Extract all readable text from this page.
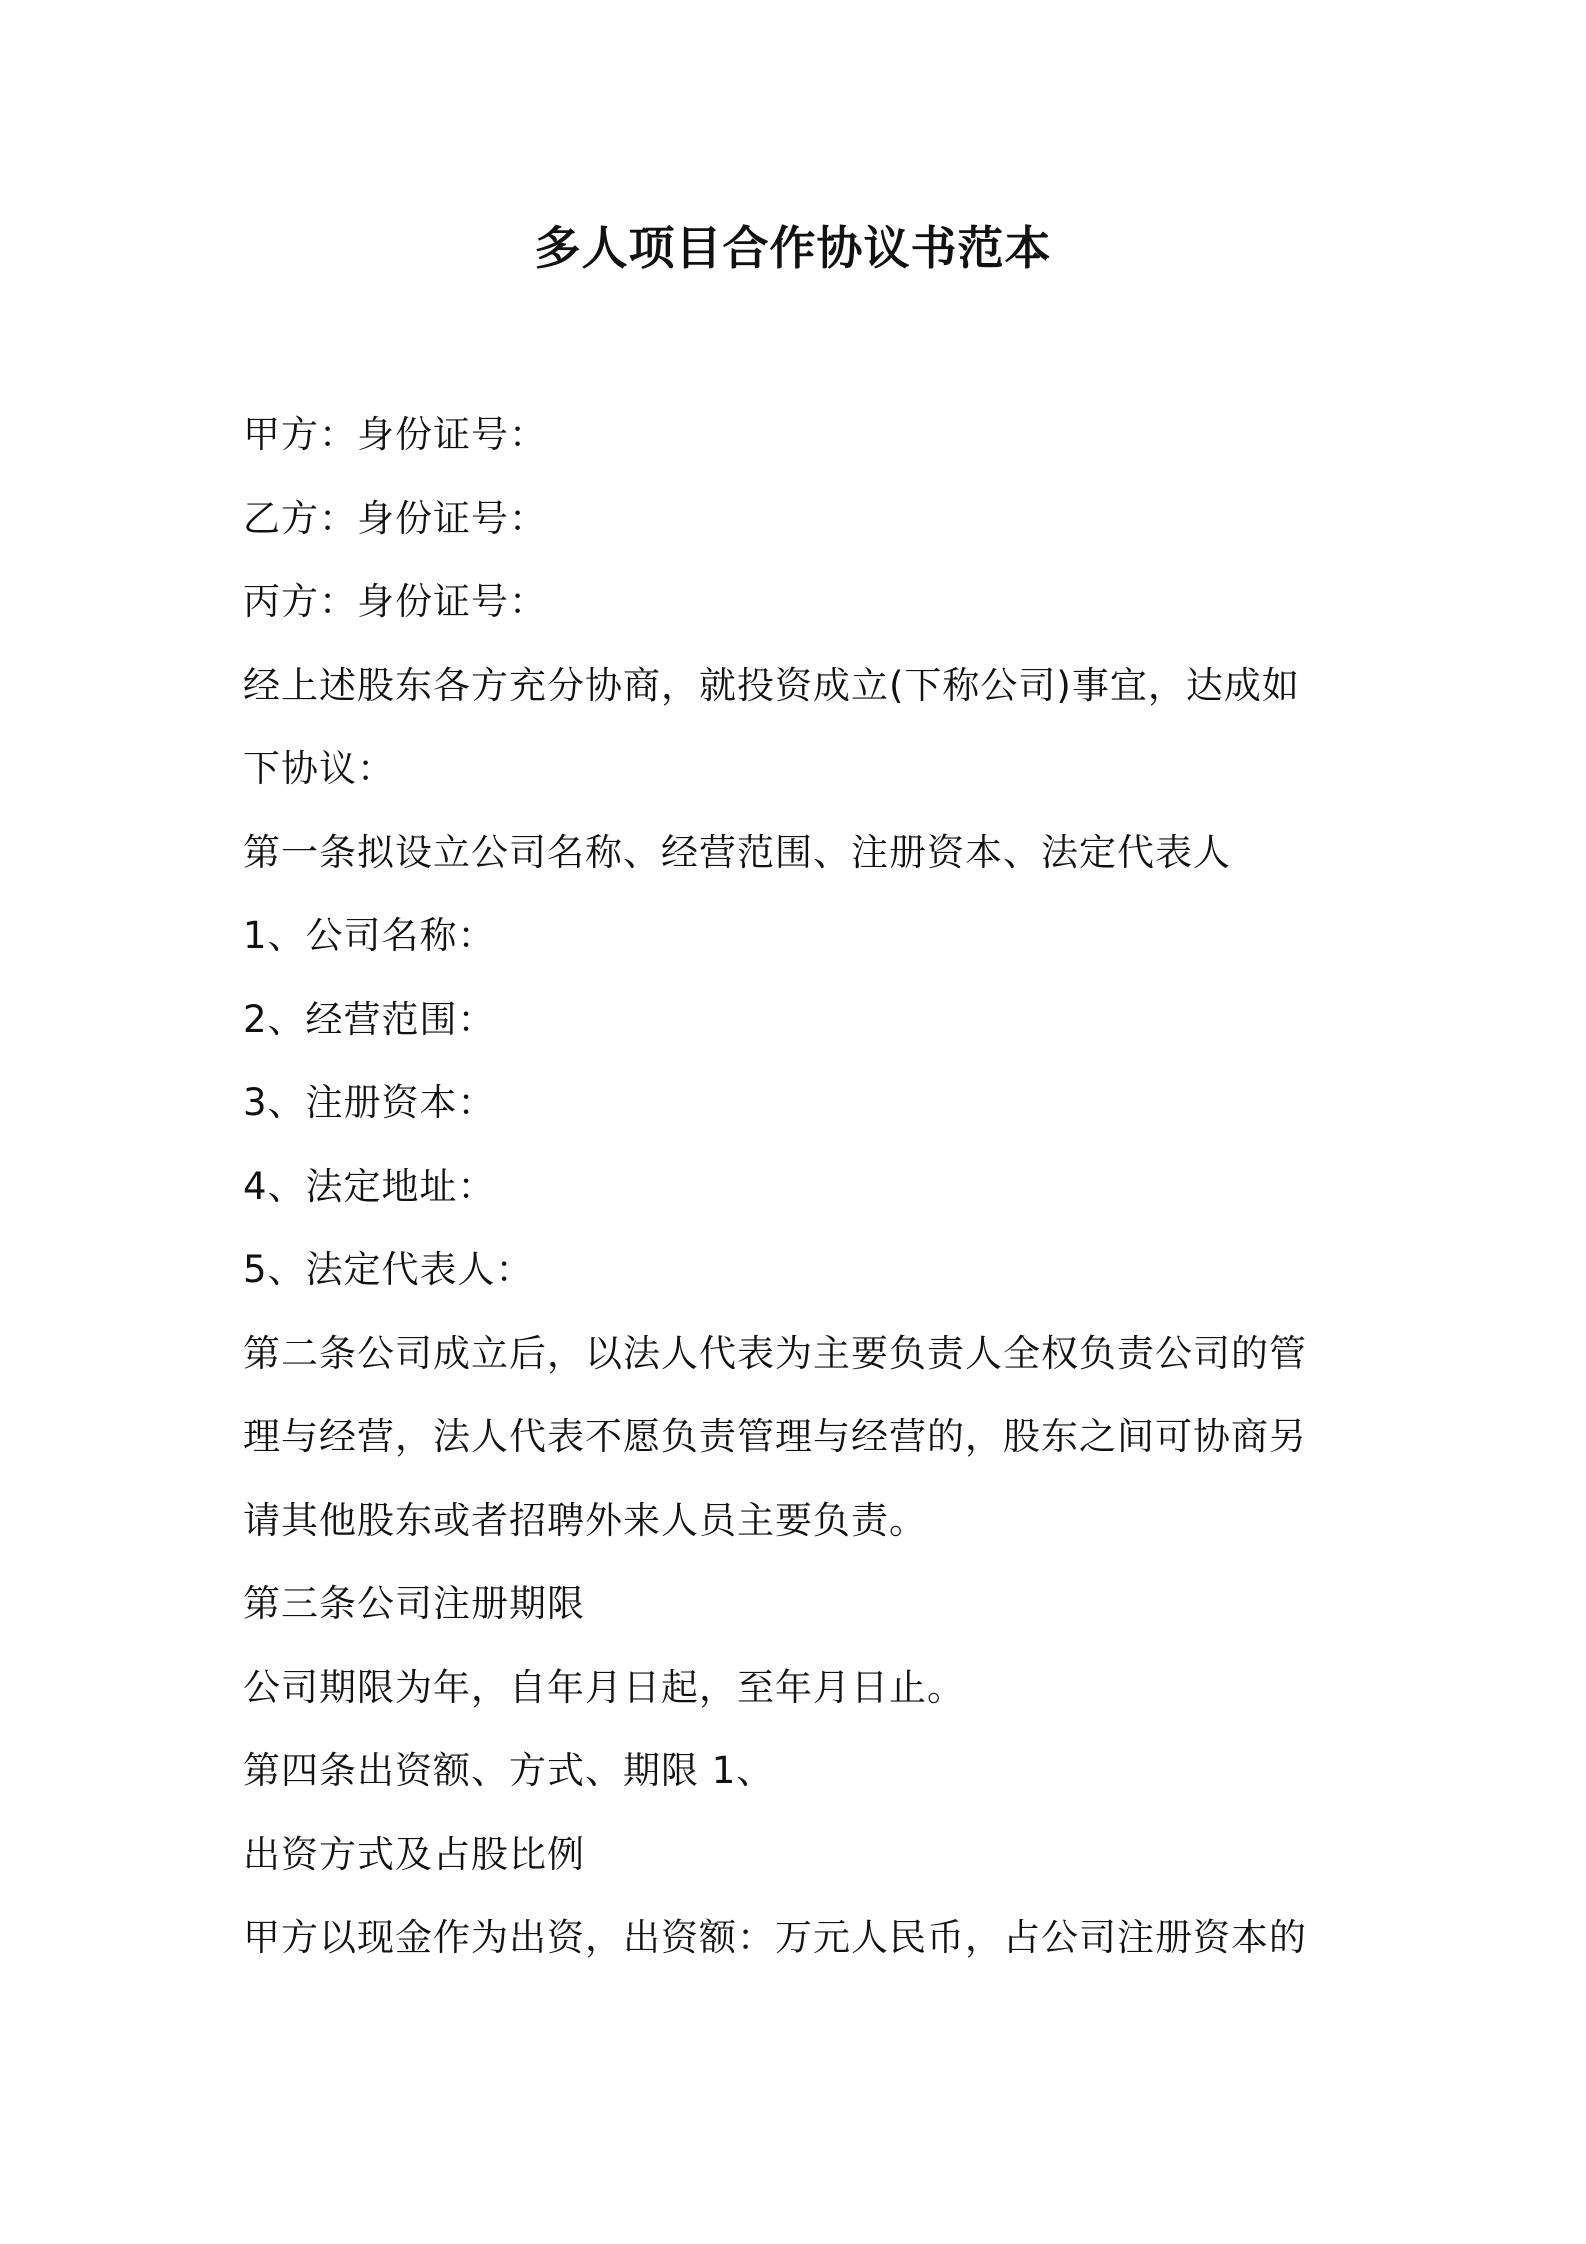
多人项目合作协议书范本
甲方：身份证号：
乙方：身份证号：
丙方：身份证号：
经上述股东各方充分协商，就投资成立(下称公司)事宜，达成如
下协议：
第一条拟设立公司名称、经营范围、注册资本、法定代表人
1、公司名称：
2、经营范围：
3、注册资本：
4、法定地址：
5、法定代表人：
第二条公司成立后，以法人代表为主要负责人全权负责公司的管
理与经营，法人代表不愿负责管理与经营的，股东之间可协商另
请其他股东或者招聘外来人员主要负责。
第三条公司注册期限
公司期限为年，自年月日起，至年月日止。
第四条出资额、方式、期限 1、
出资方式及占股比例
甲方以现金作为出资，出资额：万元人民币，占公司注册资本的
